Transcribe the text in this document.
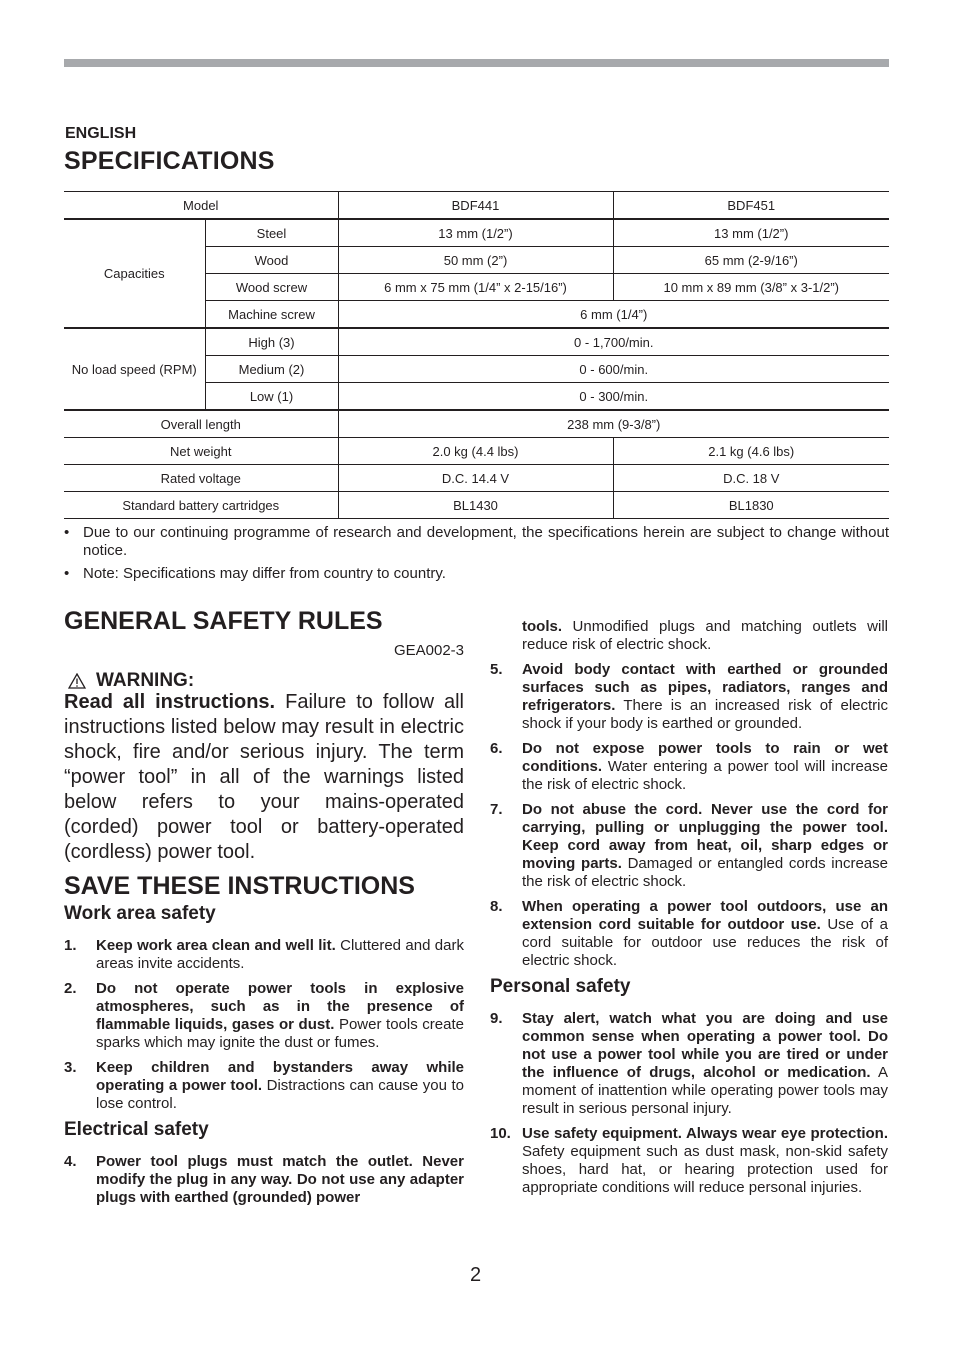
ENGLISH
SPECIFICATIONS
Model		BDF441	BDF451
Capacities	Steel	13 mm (1/2”)	13 mm (1/2”)
	Wood	50 mm (2”)	65 mm (2-9/16”)
	Wood screw	6 mm x 75 mm (1/4” x 2-15/16”)	10 mm x 89 mm (3/8” x 3-1/2”)
	Machine screw	6 mm (1/4”)	
No load speed (RPM)	High (3)	0 - 1,700/min.	
	Medium (2)	0 - 600/min.	
	Low (1)	0 - 300/min.	
Overall length		238 mm (9-3/8”)	
Net weight		2.0 kg (4.4 lbs)	2.1 kg (4.6 lbs)
Rated voltage		D.C. 14.4 V	D.C. 18 V
Standard battery cartridges		BL1430	BL1830
• Due to our continuing programme of research and development, the specifications herein are subject to change without notice.
• Note: Specifications may differ from country to country.
GENERAL SAFETY RULES
GEA002-3
WARNING:
Read all instructions. Failure to follow all instructions listed below may result in electric shock, fire and/or serious injury. The term “power tool” in all of the warnings listed below refers to your mains-operated (corded) power tool or battery-operated (cordless) power tool.
SAVE THESE INSTRUCTIONS
Work area safety
1. Keep work area clean and well lit. Cluttered and dark areas invite accidents.
2. Do not operate power tools in explosive atmospheres, such as in the presence of flammable liquids, gases or dust. Power tools create sparks which may ignite the dust or fumes.
3. Keep children and bystanders away while operating a power tool. Distractions can cause you to lose control.
Electrical safety
4. Power tool plugs must match the outlet. Never modify the plug in any way. Do not use any adapter plugs with earthed (grounded) power
tools. Unmodified plugs and matching outlets will reduce risk of electric shock.
5. Avoid body contact with earthed or grounded surfaces such as pipes, radiators, ranges and refrigerators. There is an increased risk of electric shock if your body is earthed or grounded.
6. Do not expose power tools to rain or wet conditions. Water entering a power tool will increase the risk of electric shock.
7. Do not abuse the cord. Never use the cord for carrying, pulling or unplugging the power tool. Keep cord away from heat, oil, sharp edges or moving parts. Damaged or entangled cords increase the risk of electric shock.
8. When operating a power tool outdoors, use an extension cord suitable for outdoor use. Use of a cord suitable for outdoor use reduces the risk of electric shock.
Personal safety
9. Stay alert, watch what you are doing and use common sense when operating a power tool. Do not use a power tool while you are tired or under the influence of drugs, alcohol or medication. A moment of inattention while operating power tools may result in serious personal injury.
10. Use safety equipment. Always wear eye protection. Safety equipment such as dust mask, non-skid safety shoes, hard hat, or hearing protection used for appropriate conditions will reduce personal injuries.
2
